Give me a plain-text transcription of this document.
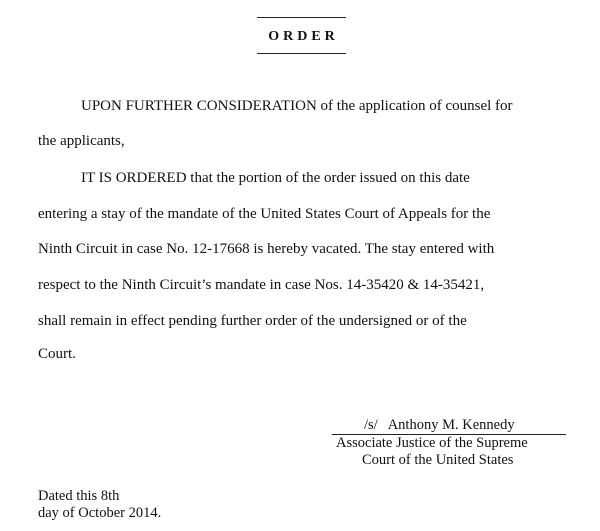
ORDER
UPON FURTHER CONSIDERATION of the application of counsel for
the applicants,
IT IS ORDERED that the portion of the order issued on this date
entering a stay of the mandate of the United States Court of Appeals for the
Ninth Circuit in case No. 12-17668 is hereby vacated. The stay entered with
respect to the Ninth Circuit’s mandate in case Nos. 14-35420 & 14-35421,
shall remain in effect pending further order of the undersigned or of the
Court.
/s/ Anthony M. Kennedy
Associate Justice of the Supreme
Court of the United States
Dated this 8th
day of October 2014.
